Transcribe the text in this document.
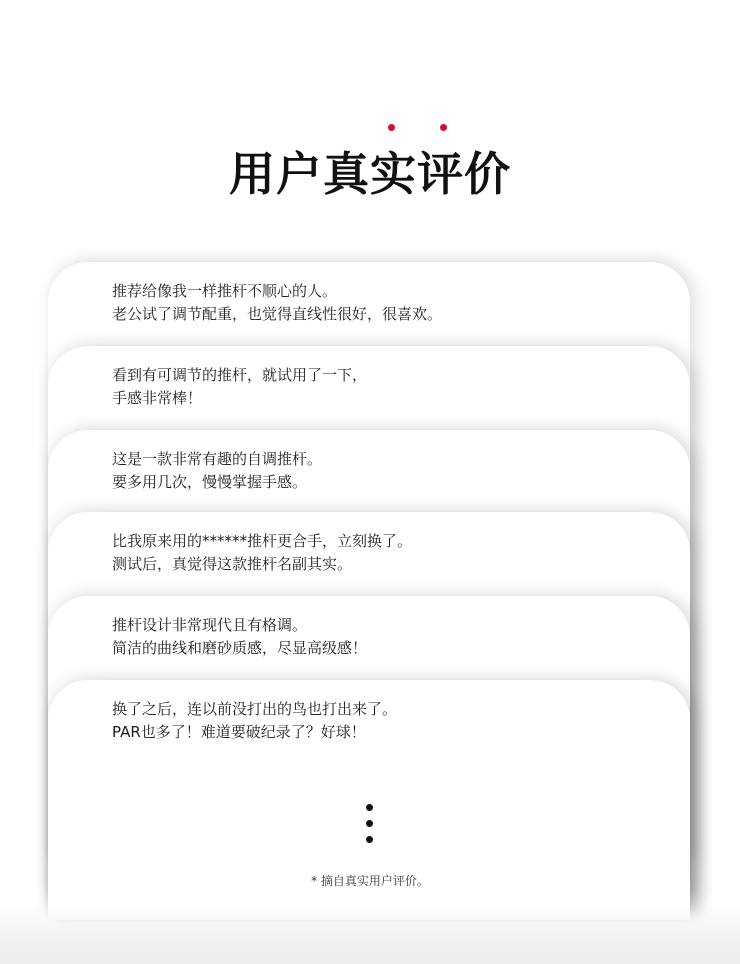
用户真实评价
推荐给像我一样推杆不顺心的人。
老公试了调节配重，也觉得直线性很好，很喜欢。
看到有可调节的推杆，就试用了一下，
手感非常棒！
这是一款非常有趣的自调推杆。
要多用几次，慢慢掌握手感。
比我原来用的******推杆更合手，立刻换了。
测试后，真觉得这款推杆名副其实。
推杆设计非常现代且有格调。
简洁的曲线和磨砂质感，尽显高级感！
换了之后，连以前没打出的鸟也打出来了。
PAR也多了！难道要破纪录了？好球！
* 摘自真实用户评价。
